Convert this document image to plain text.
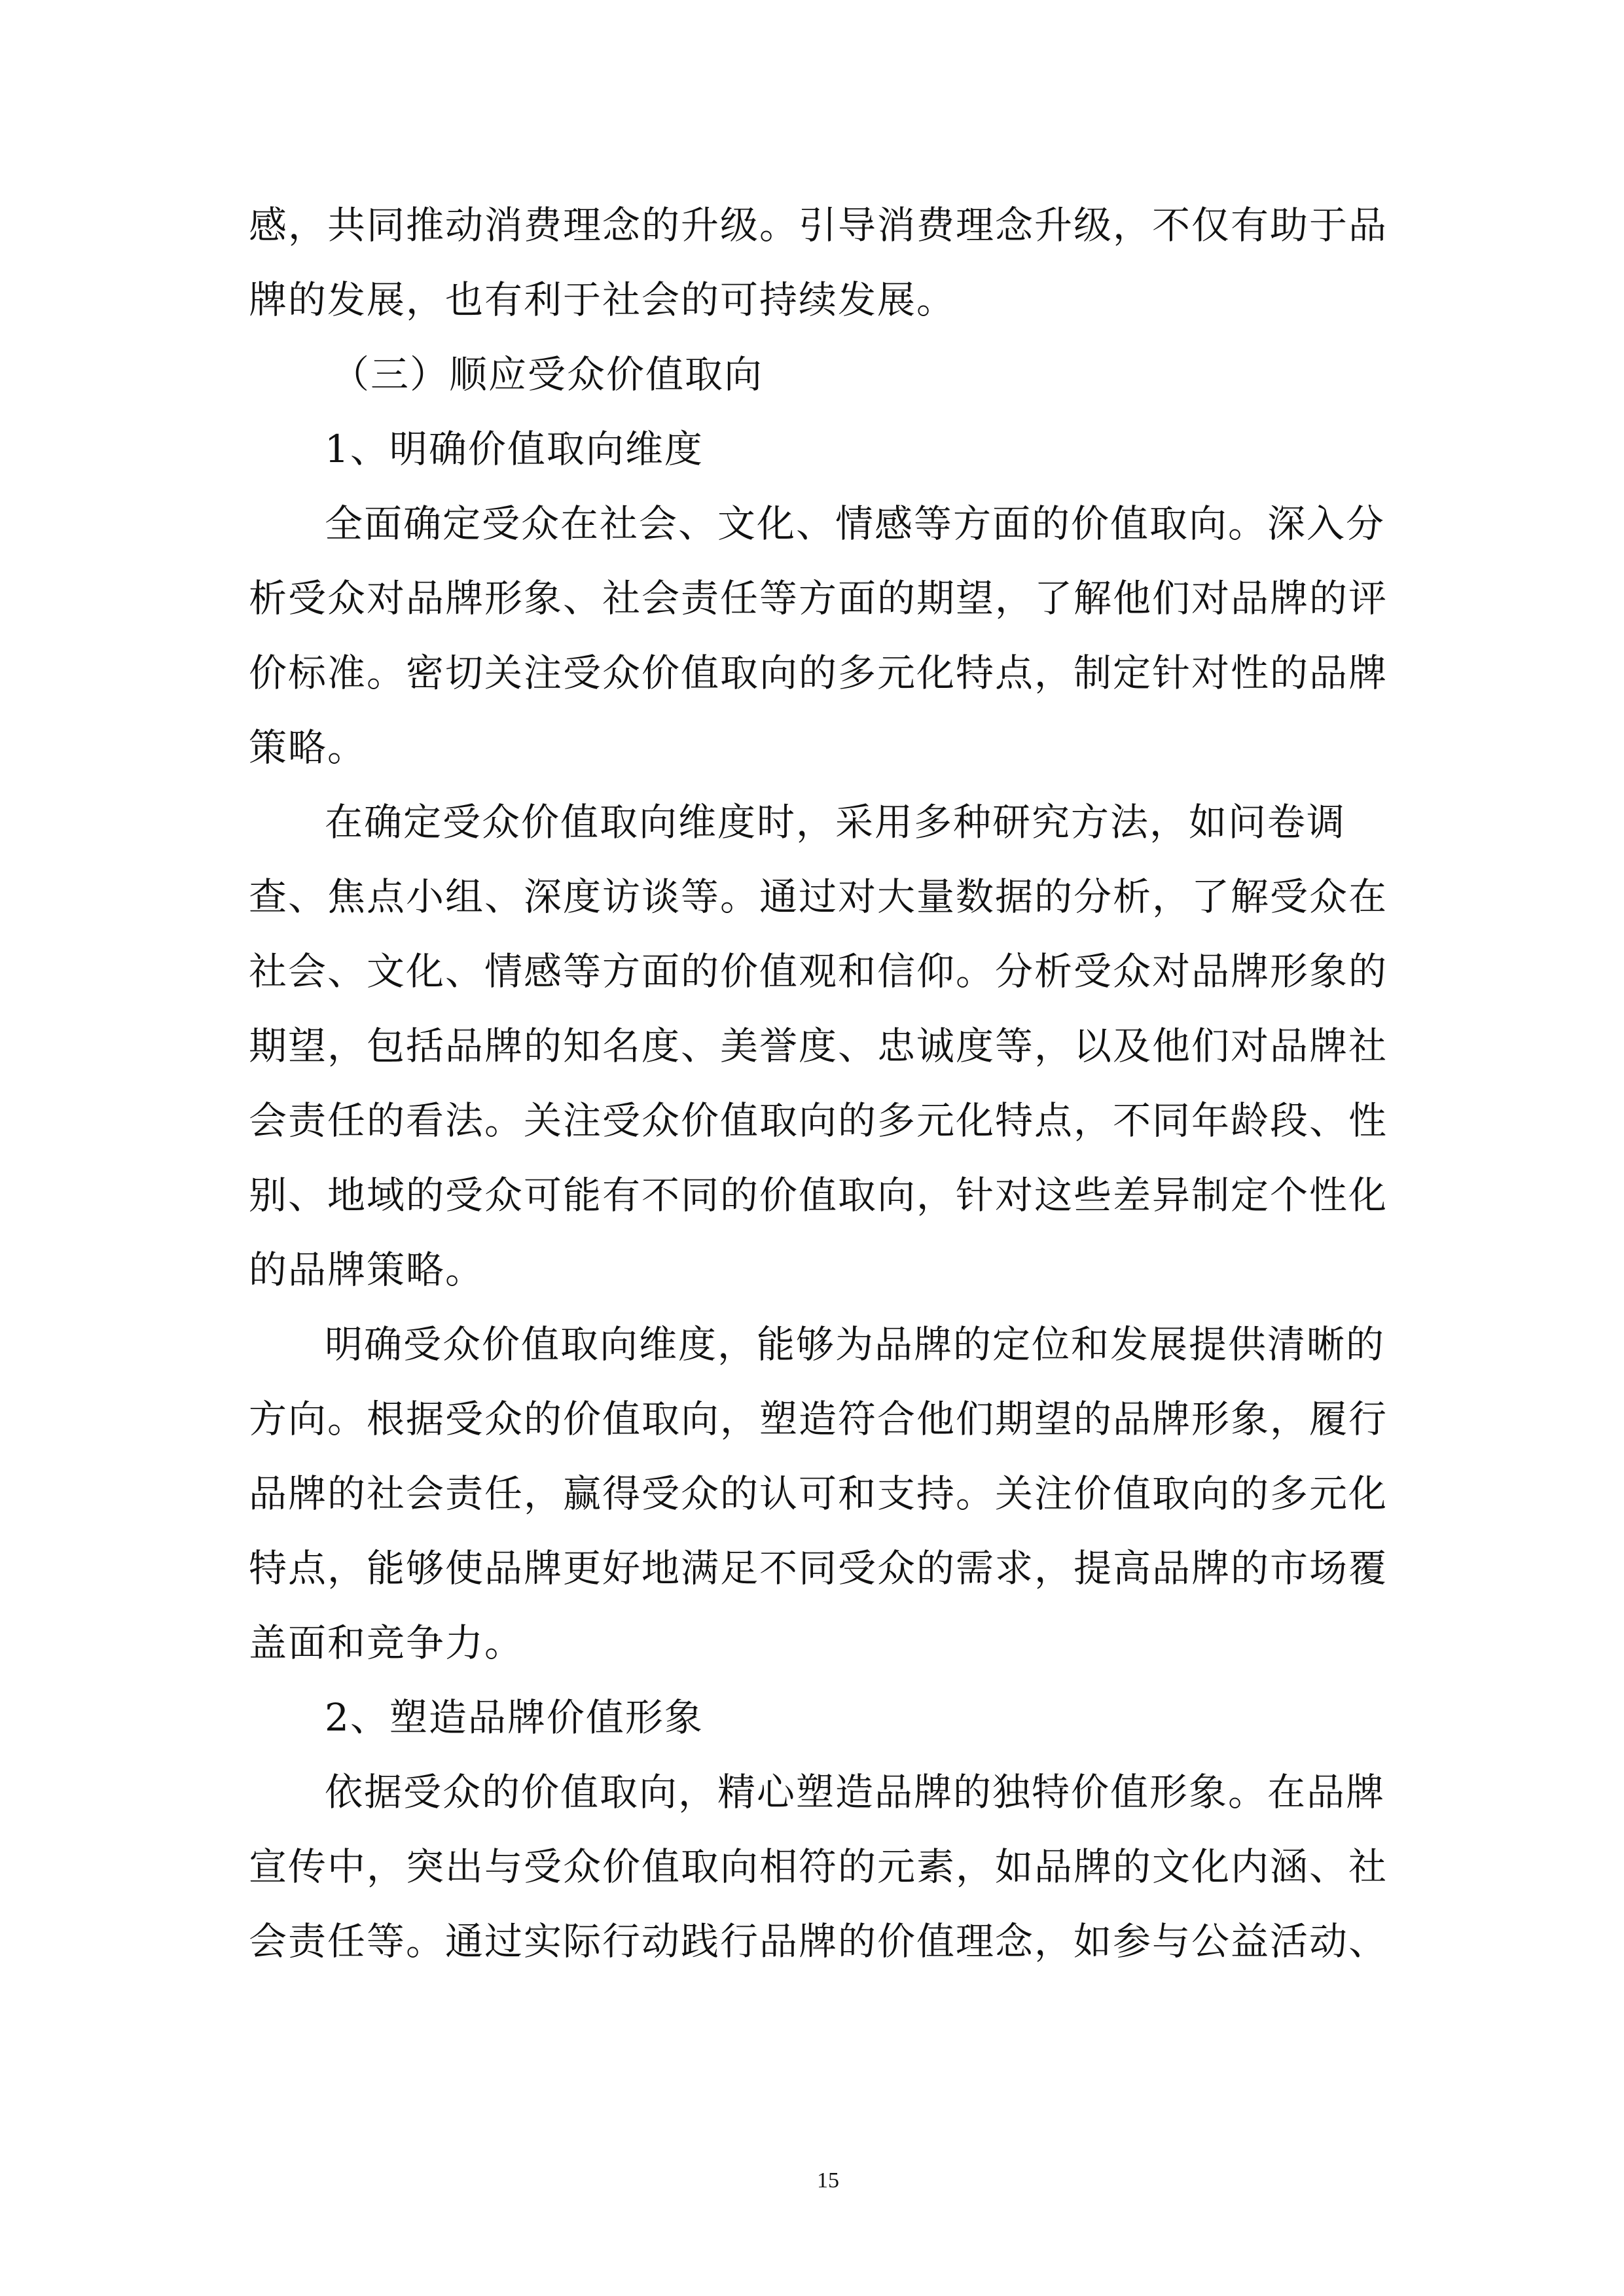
感，共同推动消费理念的升级。引导消费理念升级，不仅有助于品

牌的发展，也有利于社会的可持续发展。

（三）顺应受众价值取向

1、明确价值取向维度

全面确定受众在社会、文化、情感等方面的价值取向。深入分

析受众对品牌形象、社会责任等方面的期望，了解他们对品牌的评

价标准。密切关注受众价值取向的多元化特点，制定针对性的品牌

策略。

在确定受众价值取向维度时，采用多种研究方法，如问卷调

查、焦点小组、深度访谈等。通过对大量数据的分析，了解受众在

社会、文化、情感等方面的价值观和信仰。分析受众对品牌形象的

期望，包括品牌的知名度、美誉度、忠诚度等，以及他们对品牌社

会责任的看法。关注受众价值取向的多元化特点，不同年龄段、性

别、地域的受众可能有不同的价值取向，针对这些差异制定个性化

的品牌策略。

明确受众价值取向维度，能够为品牌的定位和发展提供清晰的

方向。根据受众的价值取向，塑造符合他们期望的品牌形象，履行

品牌的社会责任，赢得受众的认可和支持。关注价值取向的多元化

特点，能够使品牌更好地满足不同受众的需求，提高品牌的市场覆

盖面和竞争力。

2、塑造品牌价值形象

依据受众的价值取向，精心塑造品牌的独特价值形象。在品牌

宣传中，突出与受众价值取向相符的元素，如品牌的文化内涵、社

会责任等。通过实际行动践行品牌的价值理念，如参与公益活动、

15
